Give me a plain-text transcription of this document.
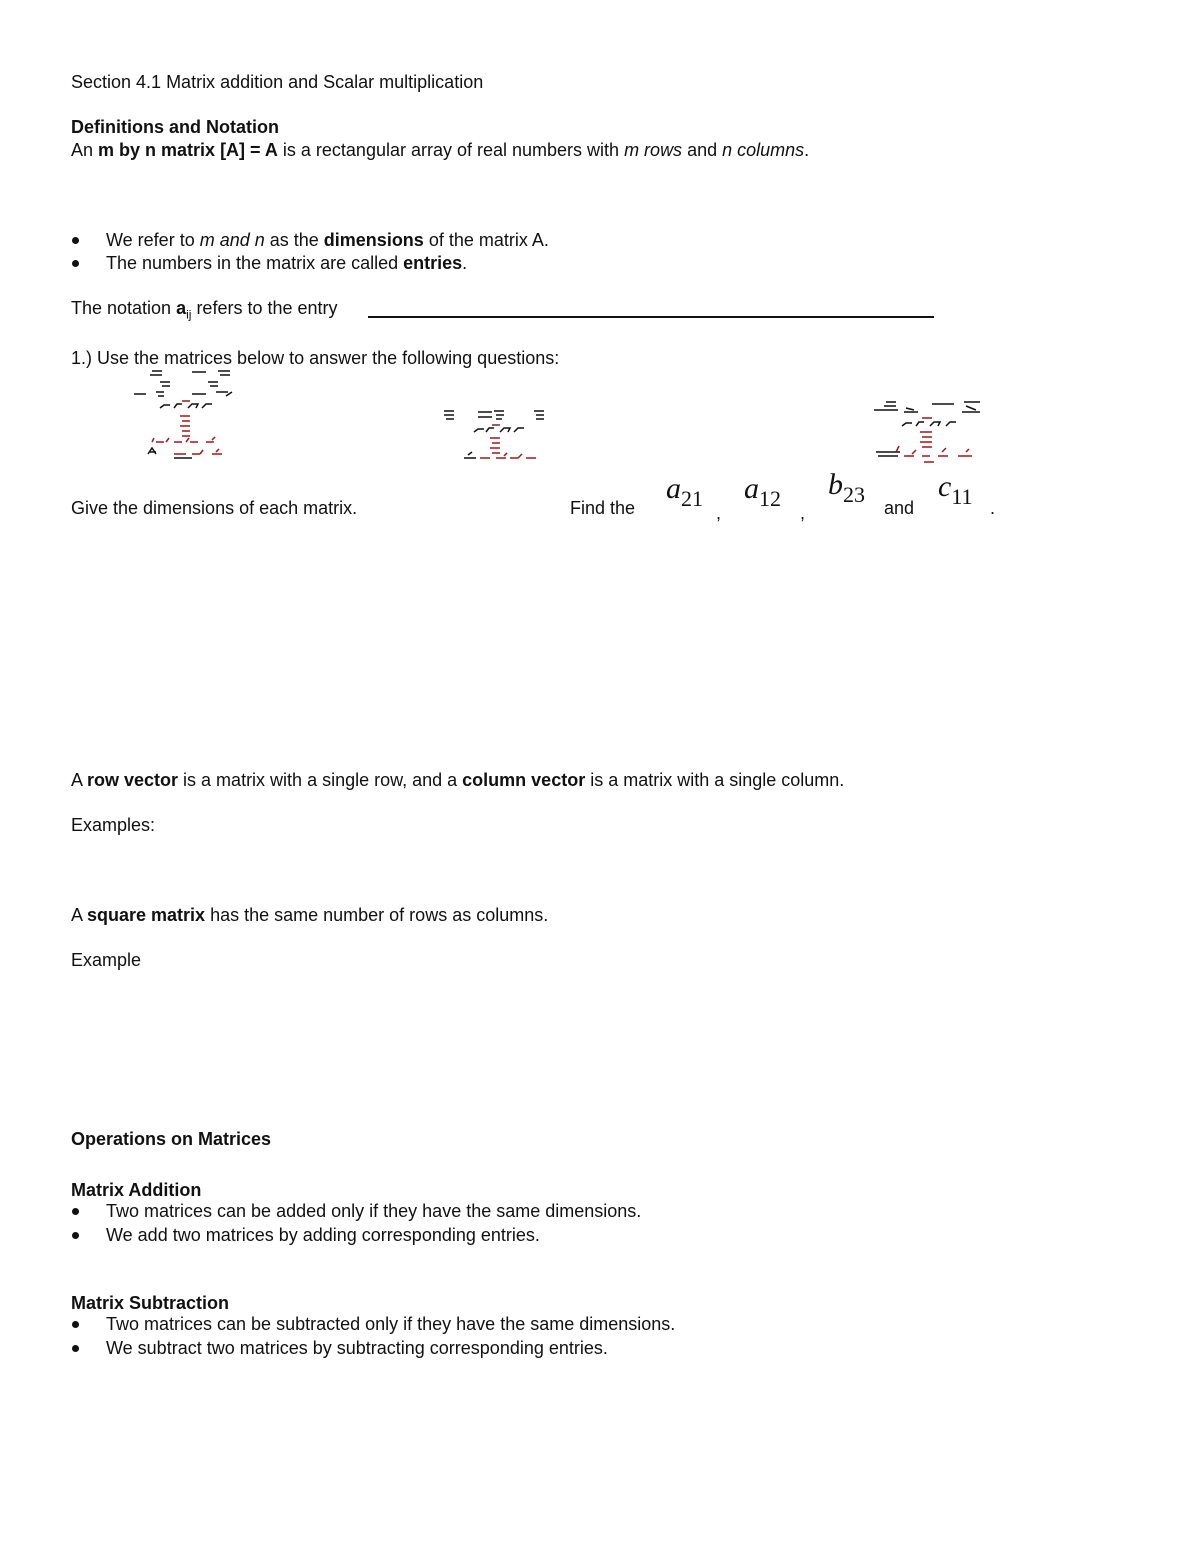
Section 4.1 Matrix addition and Scalar multiplication
Definitions and Notation
An m by n matrix [A] = A is a rectangular array of real numbers with m rows and n columns.
We refer to m and n as the dimensions of the matrix A.
The numbers in the matrix are called entries.
The notation $a_{ij}$ refers to the entry
1.) Use the matrices below to answer the following questions:
Give the dimensions of each matrix.	Find the
$a_{21}$
,
$a_{12}$
,
$b_{23}$
and
$c_{11}$ .
A row vector is a matrix with a single row, and a column vector is a matrix with a single column.
Examples:
A square matrix has the same number of rows as columns.
Example
Operations on Matrices
Matrix Addition
Two matrices can be added only if they have the same dimensions.
We add two matrices by adding corresponding entries.
Matrix Subtraction
Two matrices can be subtracted only if they have the same dimensions.
We subtract two matrices by subtracting corresponding entries.
